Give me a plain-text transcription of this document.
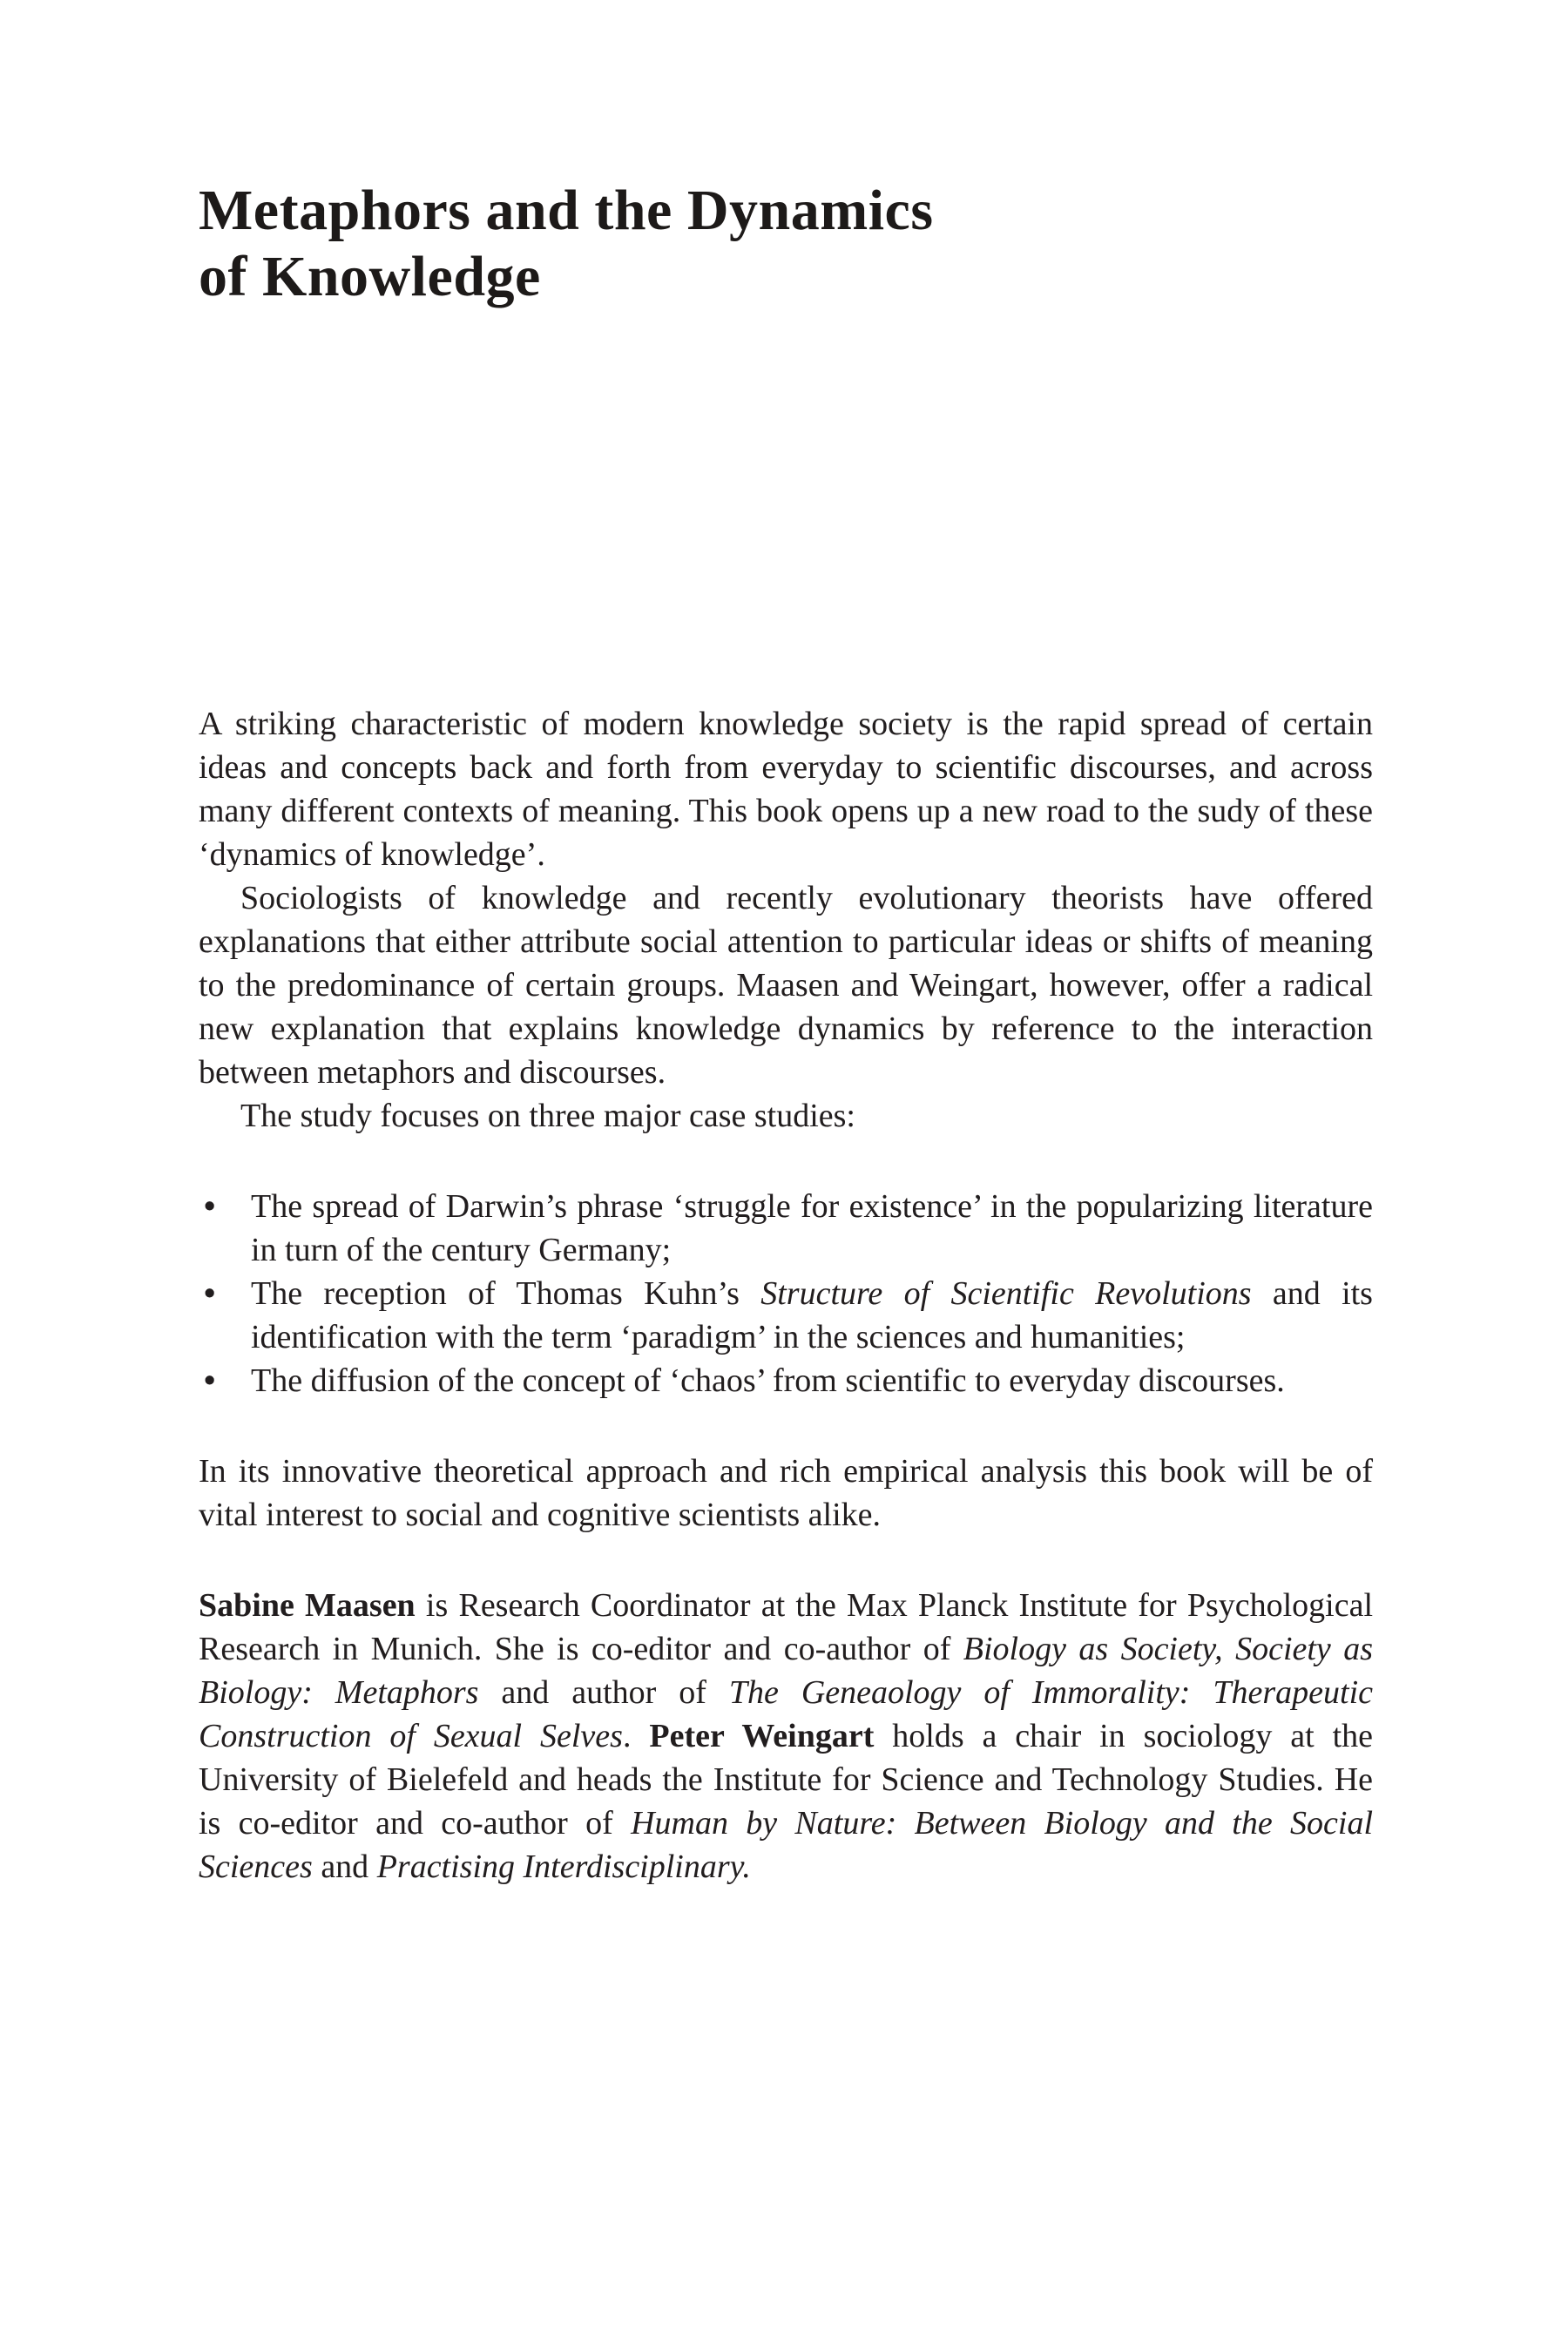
Metaphors and the Dynamics
of Knowledge

A striking characteristic of modern knowledge society is the rapid spread of certain ideas and concepts back and forth from everyday to scientific discourses, and across many different contexts of meaning. This book opens up a new road to the sudy of these ‘dynamics of knowledge’.

Sociologists of knowledge and recently evolutionary theorists have offered explanations that either attribute social attention to particular ideas or shifts of meaning to the predominance of certain groups. Maasen and Weingart, however, offer a radical new explanation that explains knowledge dynamics by reference to the interaction between metaphors and discourses.

The study focuses on three major case studies:

• The spread of Darwin’s phrase ‘struggle for existence’ in the popularizing literature in turn of the century Germany;
• The reception of Thomas Kuhn’s Structure of Scientific Revolutions and its identification with the term ‘paradigm’ in the sciences and humanities;
• The diffusion of the concept of ‘chaos’ from scientific to everyday discourses.

In its innovative theoretical approach and rich empirical analysis this book will be of vital interest to social and cognitive scientists alike.

Sabine Maasen is Research Coordinator at the Max Planck Institute for Psychological Research in Munich. She is co-editor and co-author of Biology as Society, Society as Biology: Metaphors and author of The Geneaology of Immorality: Therapeutic Construction of Sexual Selves. Peter Weingart holds a chair in sociology at the University of Bielefeld and heads the Institute for Science and Technology Studies. He is co-editor and co-author of Human by Nature: Between Biology and the Social Sciences and Practising Interdisciplinary.
